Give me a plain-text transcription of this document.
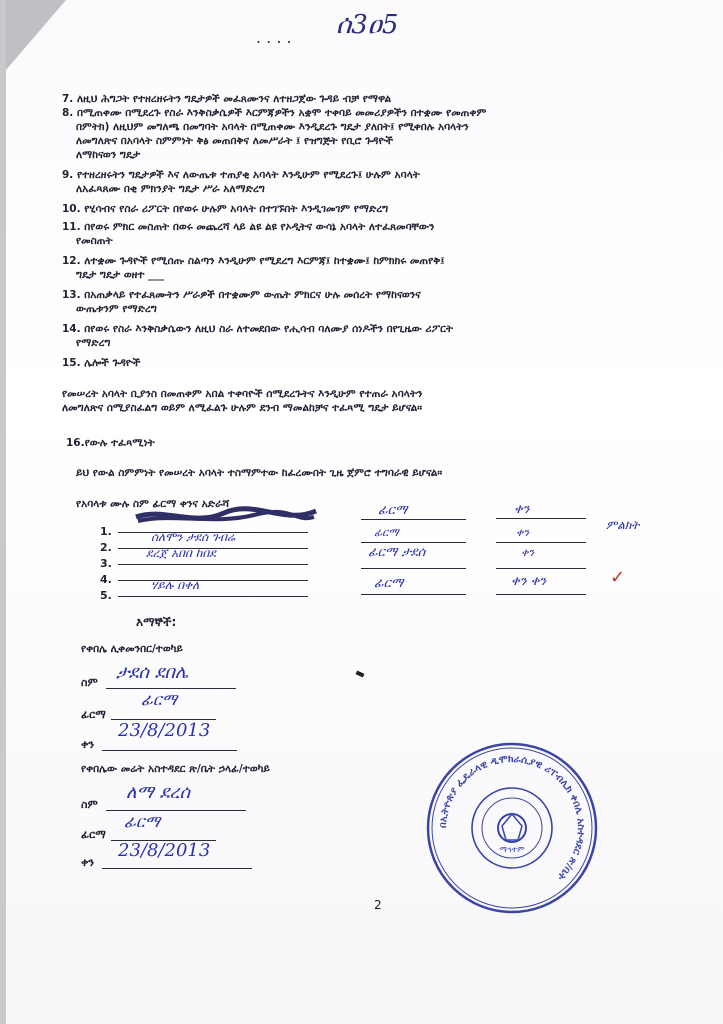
. . . . ሰ3ዐ5
7. ለዚህ ሕግጋት የተዘረዘሩትን ግዴታዎች መፈጸሙንና ለተዘጋጀው ጉዳይ ብቻ የማዋል
8. በሚጠቀሙ በሚደረጉ የስራ እንቅስቃሴዎች እርምጃዎችን አቋሞ ተቀባይ መመሪያዎችን በተቋሙ የመጠቀም
በምትክ) ለዚህም መግለጫ በመግባት አባላት በሚጠቀሙ እንዲደረጉ ግዴታ ያለበት፤ የሚቀበሉ አባላትን
ለመግለጽና በአባላት ስምምነት ቅፅ መጠበቅና ለመሥራት ፤ የዝግጅት የቢሮ ጉዳዮች
ለማከናወን ግዴታ
9. የተዘረዘሩትን ግዴታዎች እና ለውጤቱ ተጠያቂ አባላት እንዲሁም የሚደረጉ፤ ሁሉም አባላት
ለአፈጻጸሙ በቂ ምክንያት ግዴታ ሥራ አለማድረግ
10. የሂሳብና የስራ ሪፖርት በየወሩ ሁሉም አባላት በተገኙበት እንዲገመገም የማድረግ
11. በየወሩ ምክር መስጠት በወሩ መጨረሻ ላይ ልዩ ልዩ የኦዲትና ውሳኔ አባላት ለተፈጸመባቸውን
የመስጠት
12. ለተቋሙ ጉዳዮች የሚሰጡ ስልጣን እንዲሁም የሚደረግ እርምጃ፤ ከተቋሙ፤ ከምክክሩ መጠየቅ፤
ግዴታ ግዴታ ወዘተ ___
13. በአጠቃላይ የተፈጸሙትን ሥራዎች በተቋሙም ውጤት ምክርና ሁሉ መሰረት የማከናወንና
ውጤቱንም የማድረግ
14. በየወሩ የስራ እንቅስቃሴውን ለዚህ ስራ ለተመደበው የሒሳብ ባለሙያ ሰነዶችን በየጊዜው ሪፖርት
የማድረግ
15. ሌሎች ጉዳዮች
የመሠረት አባላት ቢያንስ በመጠቀም አበል ተቀባዮች ሰሚደረጉትና እንዲሁም የተጠራ አባላትን
ለመግለጽና ሰሚያስፈልግ ወይም ለሚፈልጉ ሁሉም ደንብ ማመልከቻና ተፈጻሚ ግዴታ ይሆናል።
16.የውሉ ተፈጻሚነት
ይህ የውል ስምምነት የመሠረት አባላት ተስማምተው ከፈረሙበት ጊዜ ጀምሮ ተግባራዊ ይሆናል።
የአባላቱ ሙሉ ስም ፊርማ ቀንና አድራሻ
1.
2.
3.
4.
5.
ሰለሞን ታደሰ ገብሬ
ደረጀ አበበ ከበደ
ሃይሉ በቀለ
ፊርማ
ፊርማ
ፊርማ ታደሰ
ፊርማ
ቀን
ቀን
ቀን
ቀን ቀን
ምልክት
✓
እማኞች:
የቀበሌ ሊቀመንበር/ተወካይ
ስም ታደሰ ደበሌ
ፊርማ
ፊርማ
ቀን
23/8/2013
የቀበሌው መሬት አስተዳደር ጽ/ቤት ኃላፊ/ተወካይ
ስም
ለማ ደረሰ
ፊርማ
ፊርማ
ቀን
23/8/2013
በኢትዮጵያ ፌዴራላዊ ዲሞክራሲያዊ ሪፐብሊክ ቀበሌ አስተዳደር ጽ/ቤት
ማኅተም
2
